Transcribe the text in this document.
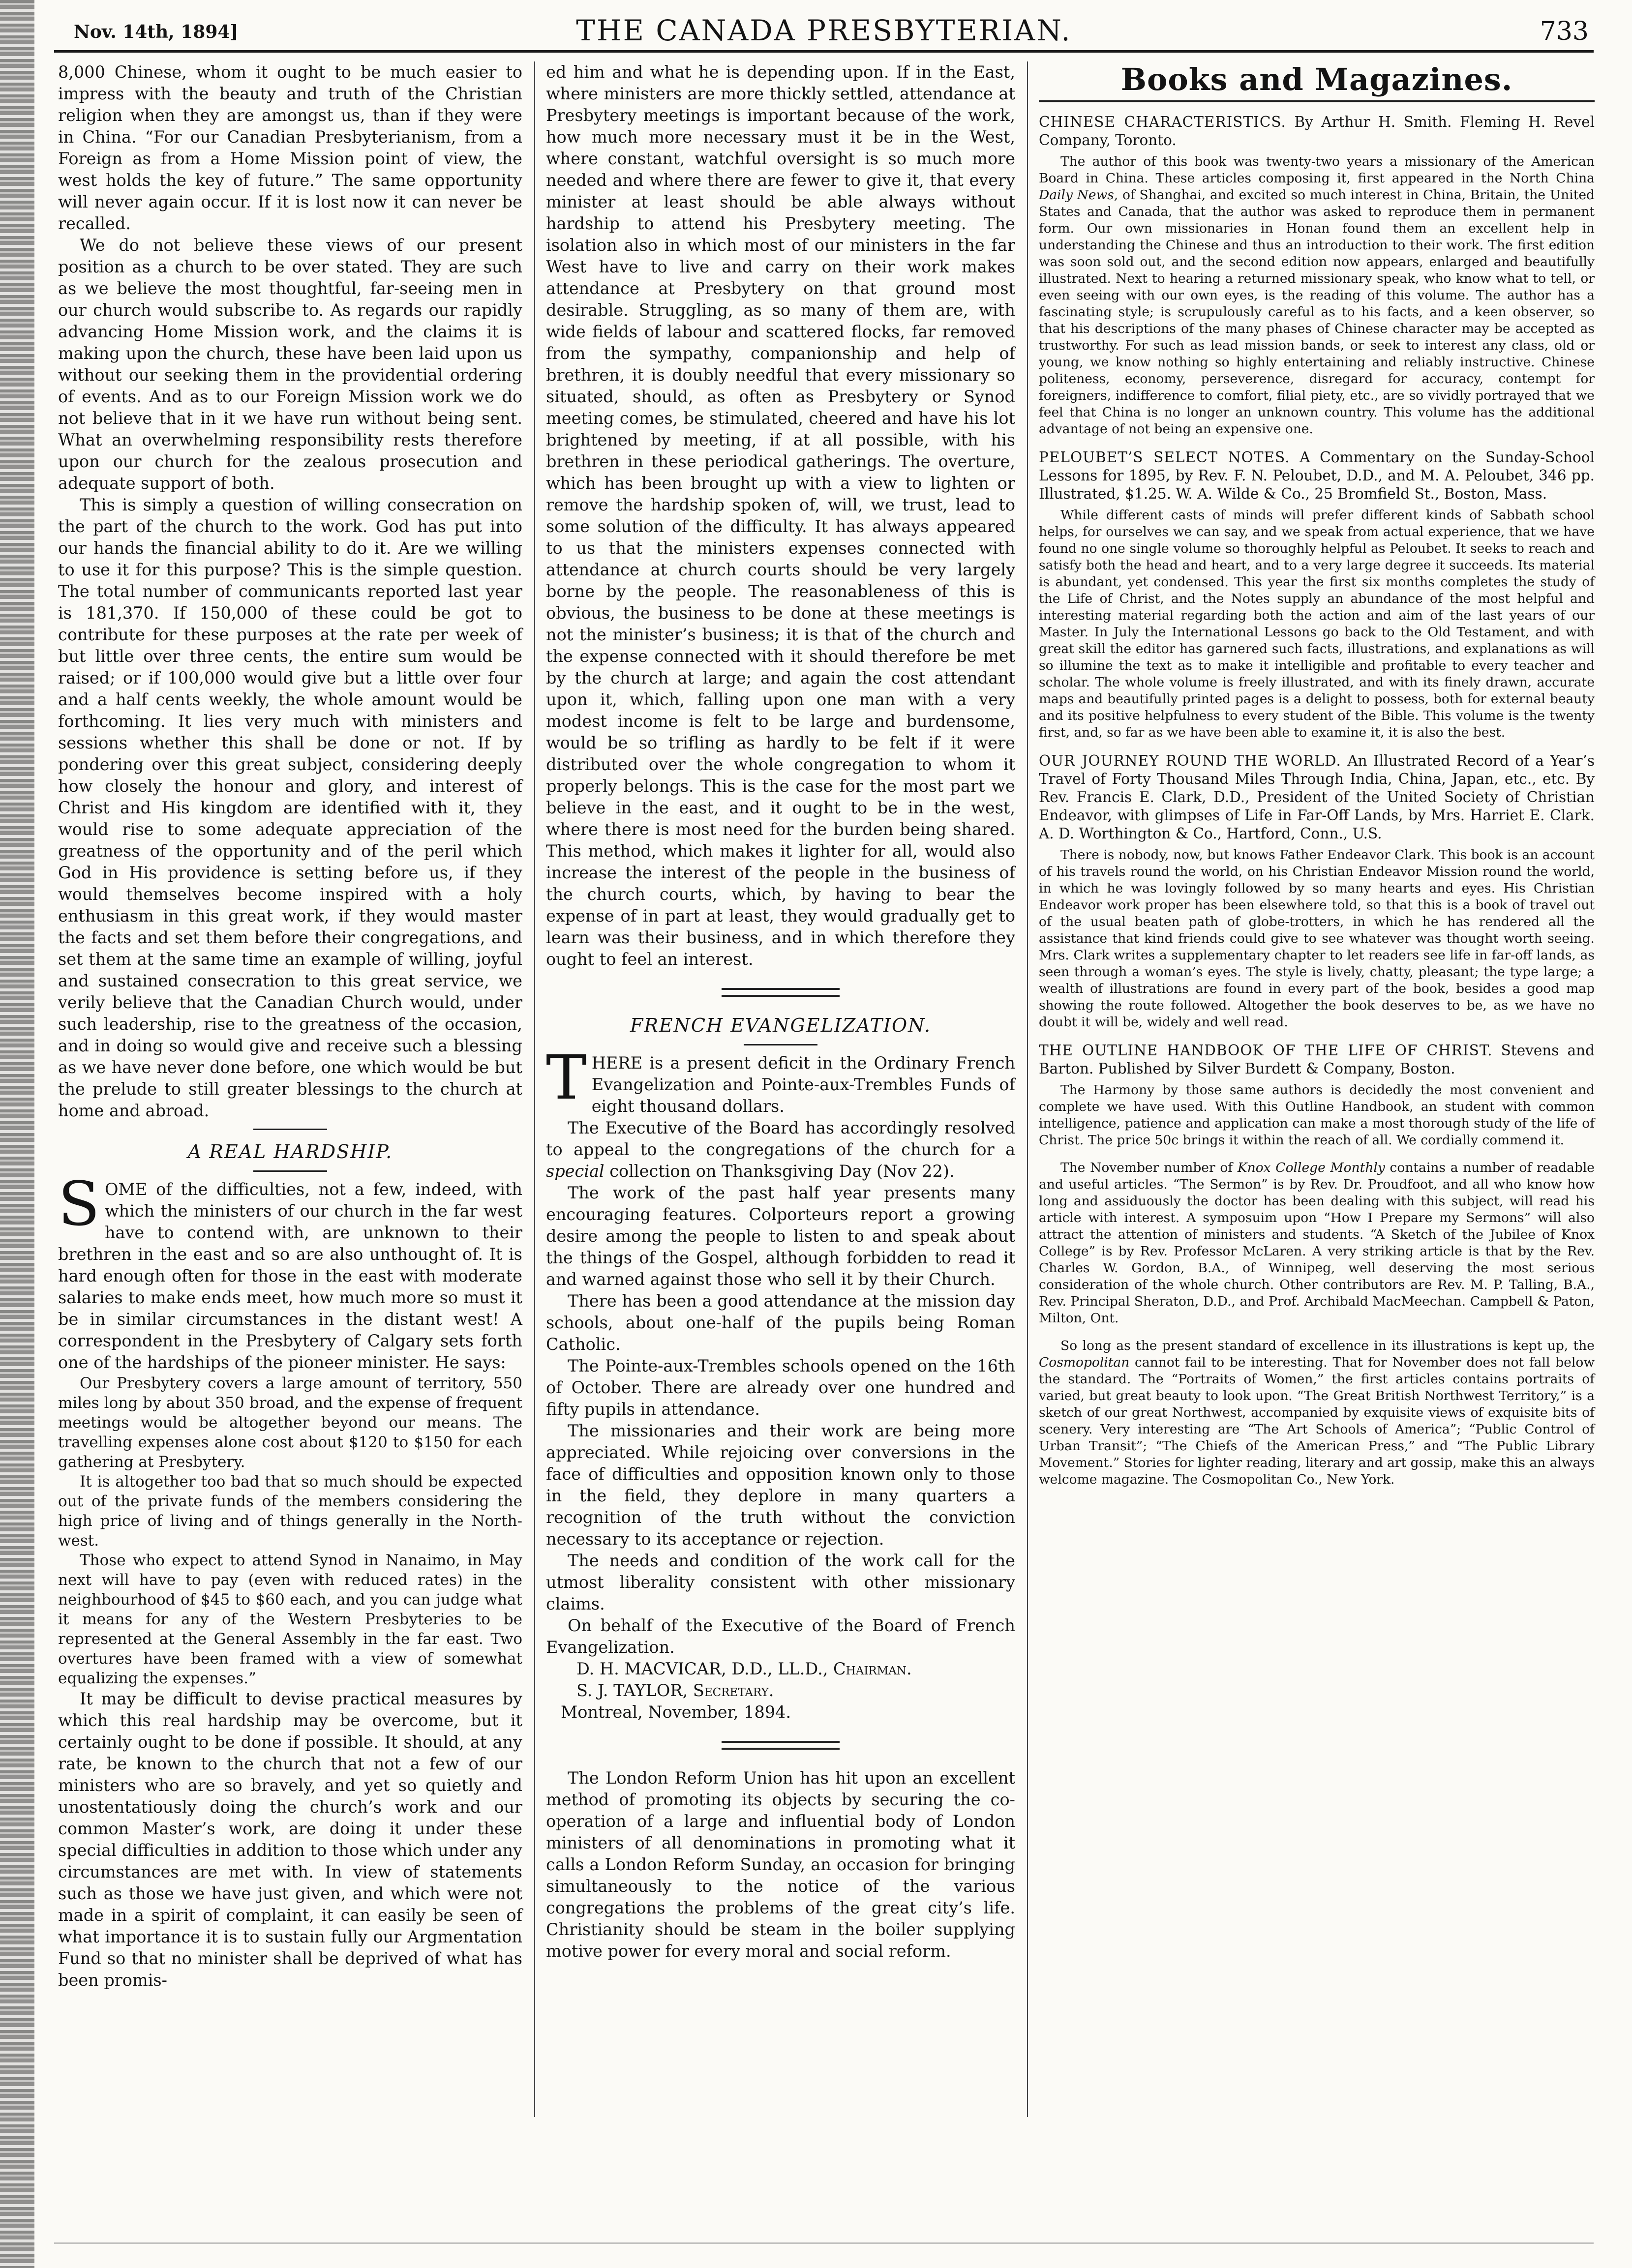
Nov. 14th, 1894]	THE CANADA PRESBYTERIAN.	733

8,000 Chinese, whom it ought to be much easier to impress with the beauty and truth of the Christian religion when they are amongst us, than if they were in China. “For our Canadian Presbyterianism, from a Foreign as from a Home Mission point of view, the west holds the key of future.” The same opportunity will never again occur. If it is lost now it can never be recalled.

We do not believe these views of our present position as a church to be over stated. They are such as we believe the most thoughtful, far-seeing men in our church would subscribe to. As regards our rapidly advancing Home Mission work, and the claims it is making upon the church, these have been laid upon us without our seeking them in the providential ordering of events. And as to our Foreign Mission work we do not believe that in it we have run without being sent. What an overwhelming responsibility rests therefore upon our church for the zealous prosecution and adequate support of both.

This is simply a question of willing consecration on the part of the church to the work. God has put into our hands the financial ability to do it. Are we willing to use it for this purpose? This is the simple question. The total number of communicants reported last year is 181,370. If 150,000 of these could be got to contribute for these purposes at the rate per week of but little over three cents, the entire sum would be raised; or if 100,000 would give but a little over four and a half cents weekly, the whole amount would be forthcoming. It lies very much with ministers and sessions whether this shall be done or not. If by pondering over this great subject, considering deeply how closely the honour and glory, and interest of Christ and His kingdom are identified with it, they would rise to some adequate appreciation of the greatness of the opportunity and of the peril which God in His providence is setting before us, if they would themselves become inspired with a holy enthusiasm in this great work, if they would master the facts and set them before their congregations, and set them at the same time an example of willing, joyful and sustained consecration to this great service, we verily believe that the Canadian Church would, under such leadership, rise to the greatness of the occasion, and in doing so would give and receive such a blessing as we have never done before, one which would be but the prelude to still greater blessings to the church at home and abroad.

A REAL HARDSHIP.

SOME of the difficulties, not a few, indeed, with which the ministers of our church in the far west have to contend with, are unknown to their brethren in the east and so are also unthought of. It is hard enough often for those in the east with moderate salaries to make ends meet, how much more so must it be in similar circumstances in the distant west! A correspondent in the Presbytery of Calgary sets forth one of the hardships of the pioneer minister. He says:

Our Presbytery covers a large amount of territory, 550 miles long by about 350 broad, and the expense of frequent meetings would be altogether beyond our means. The travelling expenses alone cost about $120 to $150 for each gathering at Presbytery.

It is altogether too bad that so much should be expected out of the private funds of the members considering the high price of living and of things generally in the North-west.

Those who expect to attend Synod in Nanaimo, in May next will have to pay (even with reduced rates) in the neighbourhood of $45 to $60 each, and you can judge what it means for any of the Western Presbyteries to be represented at the General Assembly in the far east. Two overtures have been framed with a view of somewhat equalizing the expenses.”

It may be difficult to devise practical measures by which this real hardship may be overcome, but it certainly ought to be done if possible. It should, at any rate, be known to the church that not a few of our ministers who are so bravely, and yet so quietly and unostentatiously doing the church’s work and our common Master’s work, are doing it under these special difficulties in addition to those which under any circumstances are met with. In view of statements such as those we have just given, and which were not made in a spirit of complaint, it can easily be seen of what importance it is to sustain fully our Argmentation Fund so that no minister shall be deprived of what has been promis-

ed him and what he is depending upon. If in the East, where ministers are more thickly settled, attendance at Presbytery meetings is important because of the work, how much more necessary must it be in the West, where constant, watchful oversight is so much more needed and where there are fewer to give it, that every minister at least should be able always without hardship to attend his Presbytery meeting. The isolation also in which most of our ministers in the far West have to live and carry on their work makes attendance at Presbytery on that ground most desirable. Struggling, as so many of them are, with wide fields of labour and scattered flocks, far removed from the sympathy, companionship and help of brethren, it is doubly needful that every missionary so situated, should, as often as Presbytery or Synod meeting comes, be stimulated, cheered and have his lot brightened by meeting, if at all possible, with his brethren in these periodical gatherings. The overture, which has been brought up with a view to lighten or remove the hardship spoken of, will, we trust, lead to some solution of the difficulty. It has always appeared to us that the ministers expenses connected with attendance at church courts should be very largely borne by the people. The reasonableness of this is obvious, the business to be done at these meetings is not the minister’s business; it is that of the church and the expense connected with it should therefore be met by the church at large; and again the cost attendant upon it, which, falling upon one man with a very modest income is felt to be large and burdensome, would be so trifling as hardly to be felt if it were distributed over the whole congregation to whom it properly belongs. This is the case for the most part we believe in the east, and it ought to be in the west, where there is most need for the burden being shared. This method, which makes it lighter for all, would also increase the interest of the people in the business of the church courts, which, by having to bear the expense of in part at least, they would gradually get to learn was their business, and in which therefore they ought to feel an interest.

FRENCH EVANGELIZATION.

THERE is a present deficit in the Ordinary French Evangelization and Pointe-aux-Trembles Funds of eight thousand dollars.

The Executive of the Board has accordingly resolved to appeal to the congregations of the church for a special collection on Thanksgiving Day (Nov 22).

The work of the past half year presents many encouraging features. Colporteurs report a growing desire among the people to listen to and speak about the things of the Gospel, although forbidden to read it and warned against those who sell it by their Church.

There has been a good attendance at the mission day schools, about one-half of the pupils being Roman Catholic.

The Pointe-aux-Trembles schools opened on the 16th of October. There are already over one hundred and fifty pupils in attendance.

The missionaries and their work are being more appreciated. While rejoicing over conversions in the face of difficulties and opposition known only to those in the field, they deplore in many quarters a recognition of the truth without the conviction necessary to its acceptance or rejection.

The needs and condition of the work call for the utmost liberality consistent with other missionary claims.

On behalf of the Executive of the Board of French Evangelization.

D. H. MACVICAR, D.D., LL.D., Chairman.

S. J. TAYLOR, Secretary.

Montreal, November, 1894.

The London Reform Union has hit upon an excellent method of promoting its objects by securing the co-operation of a large and influential body of London ministers of all denominations in promoting what it calls a London Reform Sunday, an occasion for bringing simultaneously to the notice of the various congregations the problems of the great city’s life. Christianity should be steam in the boiler supplying motive power for every moral and social reform.

Books and Magazines.
CHINESE CHARACTERISTICS. By Arthur H. Smith. Fleming H. Revel Company, Toronto.

The author of this book was twenty-two years a missionary of the American Board in China. These articles composing it, first appeared in the North China Daily News, of Shanghai, and excited so much interest in China, Britain, the United States and Canada, that the author was asked to reproduce them in permanent form. Our own missionaries in Honan found them an excellent help in understanding the Chinese and thus an introduction to their work. The first edition was soon sold out, and the second edition now appears, enlarged and beautifully illustrated. Next to hearing a returned missionary speak, who know what to tell, or even seeing with our own eyes, is the reading of this volume. The author has a fascinating style; is scrupulously careful as to his facts, and a keen observer, so that his descriptions of the many phases of Chinese character may be accepted as trustworthy. For such as lead mission bands, or seek to interest any class, old or young, we know nothing so highly entertaining and reliably instructive. Chinese politeness, economy, perseverence, disregard for accuracy, contempt for foreigners, indifference to comfort, filial piety, etc., are so vividly portrayed that we feel that China is no longer an unknown country. This volume has the additional advantage of not being an expensive one.

PELOUBET’S SELECT NOTES. A Commentary on the Sunday-School Lessons for 1895, by Rev. F. N. Peloubet, D.D., and M. A. Peloubet, 346 pp. Illustrated, $1.25. W. A. Wilde & Co., 25 Bromfield St., Boston, Mass.

While different casts of minds will prefer different kinds of Sabbath school helps, for ourselves we can say, and we speak from actual experience, that we have found no one single volume so thoroughly helpful as Peloubet. It seeks to reach and satisfy both the head and heart, and to a very large degree it succeeds. Its material is abundant, yet condensed. This year the first six months completes the study of the Life of Christ, and the Notes supply an abundance of the most helpful and interesting material regarding both the action and aim of the last years of our Master. In July the International Lessons go back to the Old Testament, and with great skill the editor has garnered such facts, illustrations, and explanations as will so illumine the text as to make it intelligible and profitable to every teacher and scholar. The whole volume is freely illustrated, and with its finely drawn, accurate maps and beautifully printed pages is a delight to possess, both for external beauty and its positive helpfulness to every student of the Bible. This volume is the twenty first, and, so far as we have been able to examine it, it is also the best.

OUR JOURNEY ROUND THE WORLD. An Illustrated Record of a Year’s Travel of Forty Thousand Miles Through India, China, Japan, etc., etc. By Rev. Francis E. Clark, D.D., President of the United Society of Christian Endeavor, with glimpses of Life in Far-Off Lands, by Mrs. Harriet E. Clark. A. D. Worthington & Co., Hartford, Conn., U.S.

There is nobody, now, but knows Father Endeavor Clark. This book is an account of his travels round the world, on his Christian Endeavor Mission round the world, in which he was lovingly followed by so many hearts and eyes. His Christian Endeavor work proper has been elsewhere told, so that this is a book of travel out of the usual beaten path of globe-trotters, in which he has rendered all the assistance that kind friends could give to see whatever was thought worth seeing. Mrs. Clark writes a supplementary chapter to let readers see life in far-off lands, as seen through a woman’s eyes. The style is lively, chatty, pleasant; the type large; a wealth of illustrations are found in every part of the book, besides a good map showing the route followed. Altogether the book deserves to be, as we have no doubt it will be, widely and well read.

THE OUTLINE HANDBOOK OF THE LIFE OF CHRIST. Stevens and Barton. Published by Silver Burdett & Company, Boston.

The Harmony by those same authors is decidedly the most convenient and complete we have used. With this Outline Handbook, an student with common intelligence, patience and application can make a most thorough study of the life of Christ. The price 50c brings it within the reach of all. We cordially commend it.

The November number of Knox College Monthly contains a number of readable and useful articles. “The Sermon” is by Rev. Dr. Proudfoot, and all who know how long and assiduously the doctor has been dealing with this subject, will read his article with interest. A symposuim upon “How I Prepare my Sermons” will also attract the attention of ministers and students. “A Sketch of the Jubilee of Knox College” is by Rev. Professor McLaren. A very striking article is that by the Rev. Charles W. Gordon, B.A., of Winnipeg, well deserving the most serious consideration of the whole church. Other contributors are Rev. M. P. Talling, B.A., Rev. Principal Sheraton, D.D., and Prof. Archibald MacMeechan. Campbell & Paton, Milton, Ont.

So long as the present standard of excellence in its illustrations is kept up, the Cosmopolitan cannot fail to be interesting. That for November does not fall below the standard. The “Portraits of Women,” the first articles contains portraits of varied, but great beauty to look upon. “The Great British Northwest Territory,” is a sketch of our great Northwest, accompanied by exquisite views of exquisite bits of scenery. Very interesting are “The Art Schools of America”; “Public Control of Urban Transit”; “The Chiefs of the American Press,” and “The Public Library Movement.” Stories for lighter reading, literary and art gossip, make this an always welcome magazine. The Cosmopolitan Co., New York.
